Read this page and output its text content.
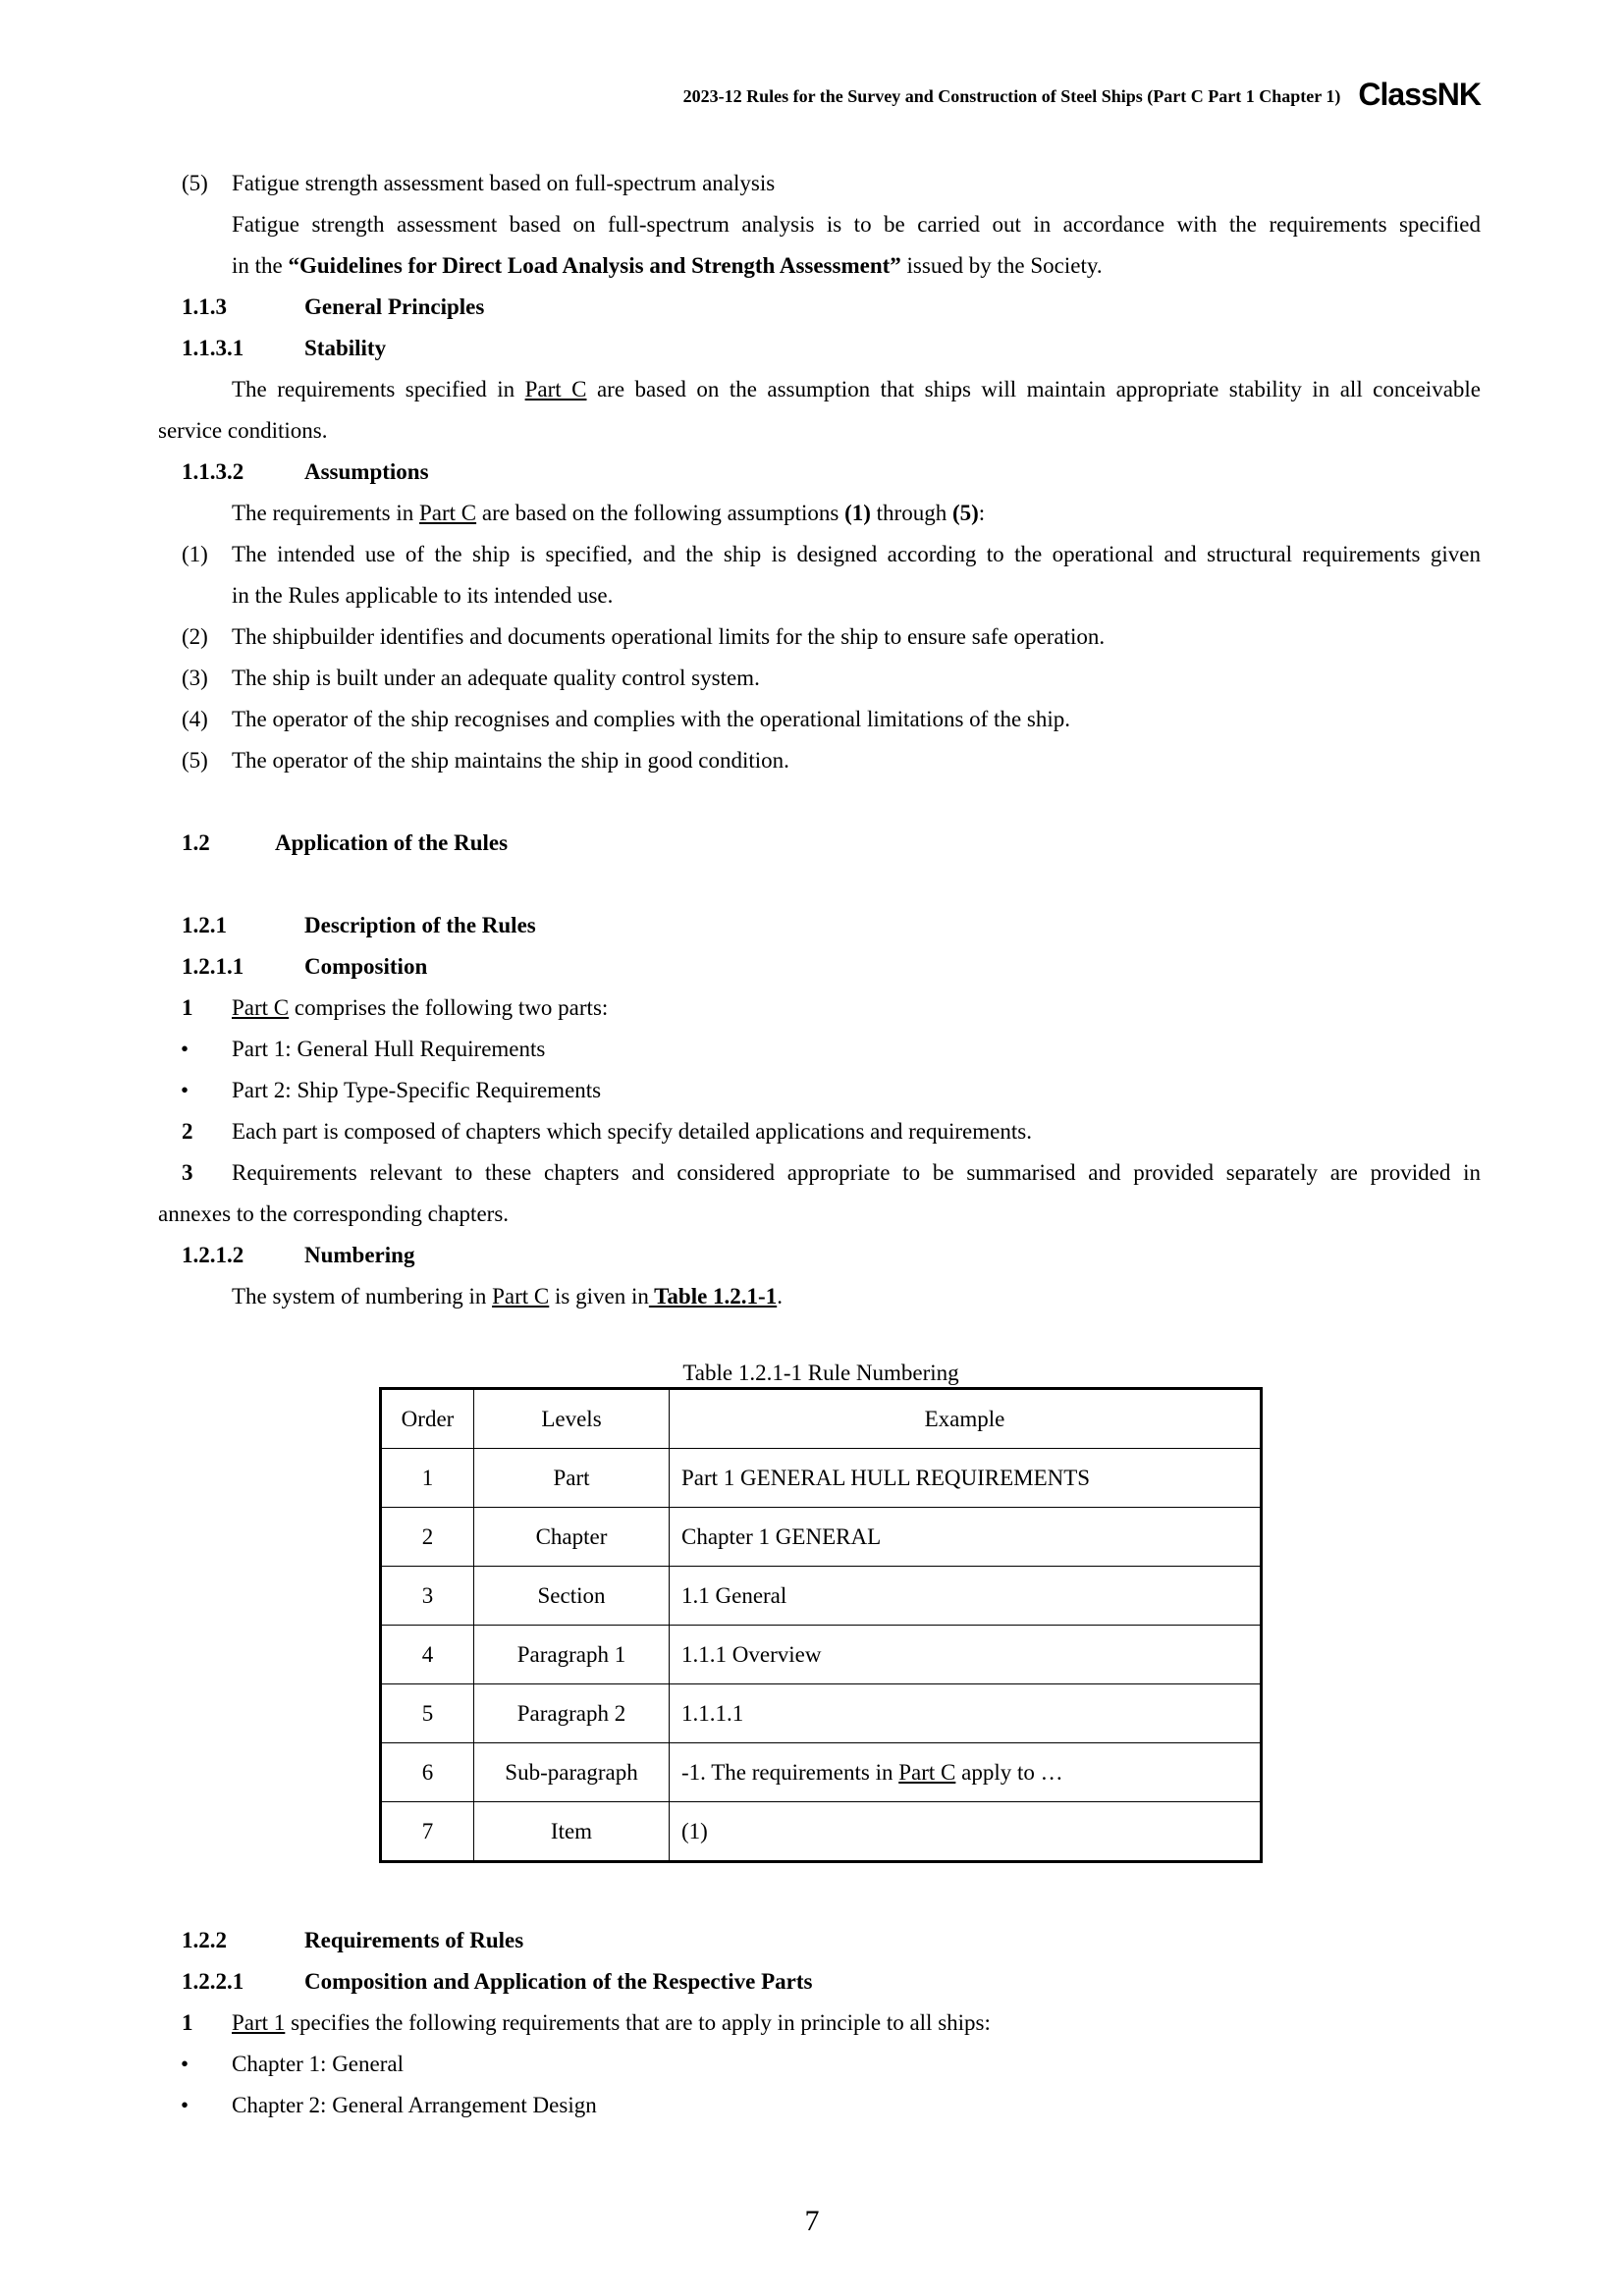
2023-12 Rules for the Survey and Construction of Steel Ships (Part C Part 1 Chapter 1) ClassNK
(5) Fatigue strength assessment based on full-spectrum analysis
Fatigue strength assessment based on full-spectrum analysis is to be carried out in accordance with the requirements specified
in the “Guidelines for Direct Load Analysis and Strength Assessment” issued by the Society.
1.1.3	General Principles
1.1.3.1	Stability
The requirements specified in Part C are based on the assumption that ships will maintain appropriate stability in all conceivable
service conditions.
1.1.3.2	Assumptions
The requirements in Part C are based on the following assumptions (1) through (5):
(1) The intended use of the ship is specified, and the ship is designed according to the operational and structural requirements given
in the Rules applicable to its intended use.
(2) The shipbuilder identifies and documents operational limits for the ship to ensure safe operation.
(3) The ship is built under an adequate quality control system.
(4) The operator of the ship recognises and complies with the operational limitations of the ship.
(5) The operator of the ship maintains the ship in good condition.
1.2	Application of the Rules
1.2.1	Description of the Rules
1.2.1.1	Composition
1 Part C comprises the following two parts:
• Part 1: General Hull Requirements
• Part 2: Ship Type-Specific Requirements
2 Each part is composed of chapters which specify detailed applications and requirements.
3 Requirements relevant to these chapters and considered appropriate to be summarised and provided separately are provided in
annexes to the corresponding chapters.
1.2.1.2	Numbering
The system of numbering in Part C is given in Table 1.2.1-1.
Table 1.2.1-1 Rule Numbering
Order	Levels	Example
1	Part	Part 1 GENERAL HULL REQUIREMENTS
2	Chapter	Chapter 1 GENERAL
3	Section	1.1 General
4	Paragraph 1	1.1.1 Overview
5	Paragraph 2	1.1.1.1
6	Sub-paragraph	-1. The requirements in Part C apply to …
7	Item	(1)
1.2.2	Requirements of Rules
1.2.2.1	Composition and Application of the Respective Parts
1 Part 1 specifies the following requirements that are to apply in principle to all ships:
• Chapter 1: General
• Chapter 2: General Arrangement Design
7
